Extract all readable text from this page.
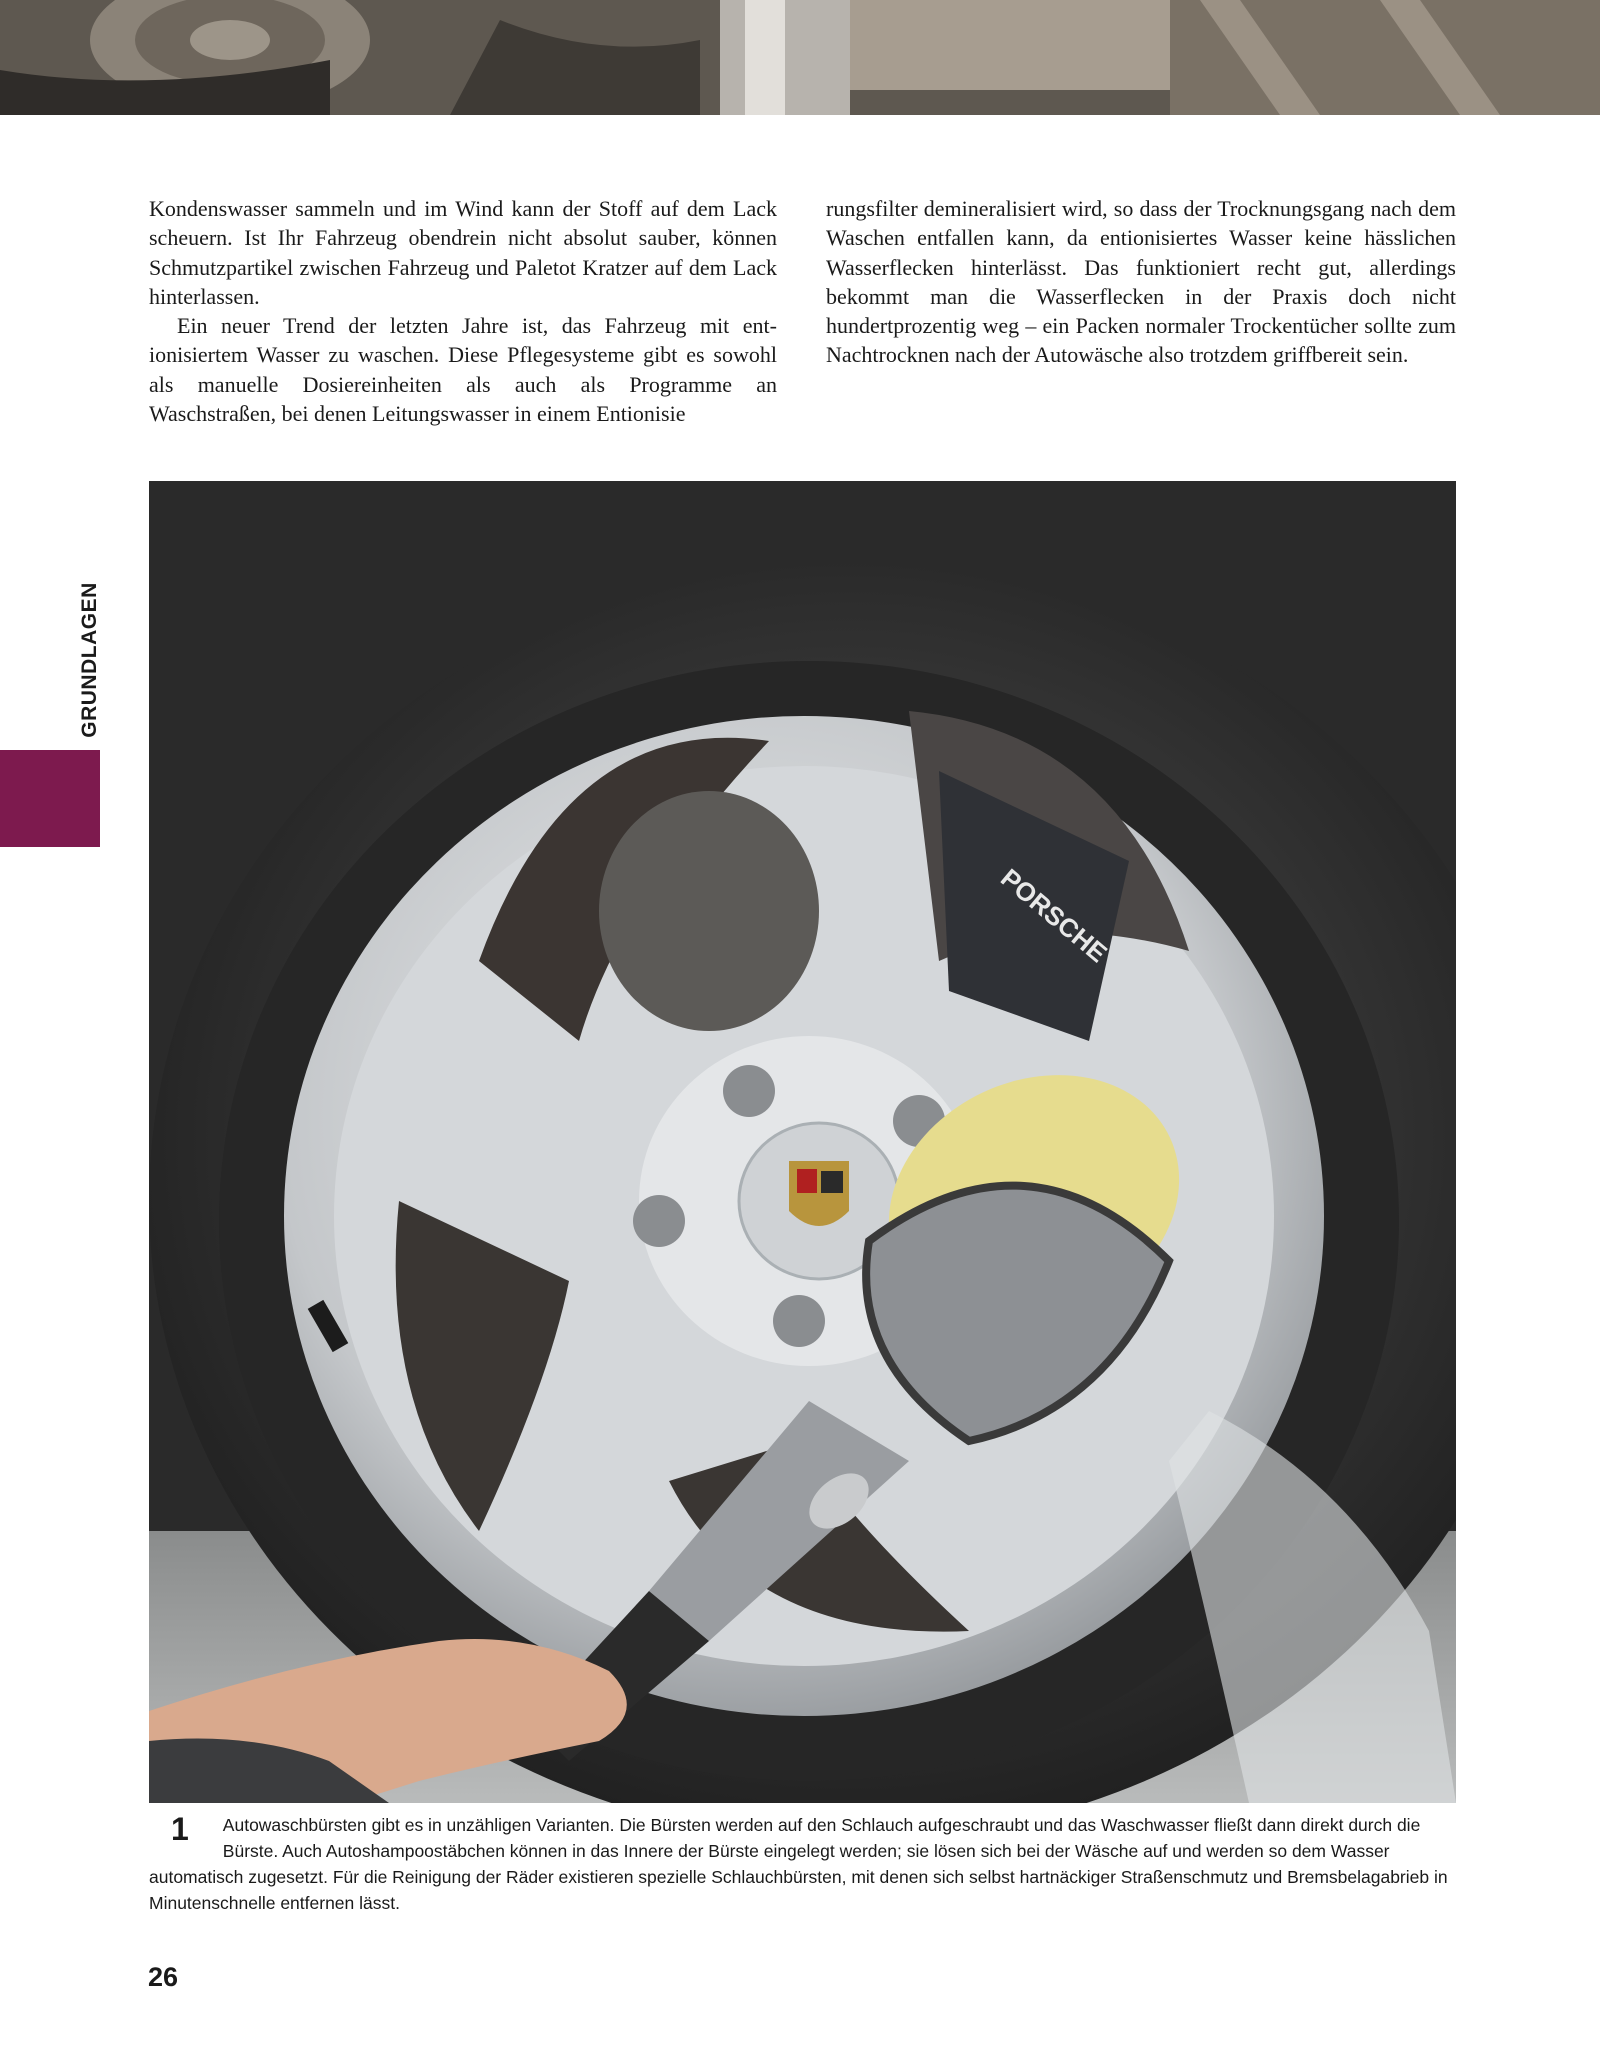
GRUNDLAGEN

Kondenswasser sammeln und im Wind kann der Stoff auf dem Lack scheuern. Ist Ihr Fahrzeug obendrein nicht absolut sauber, können Schmutzpartikel zwischen Fahrzeug und Paletot Kratzer auf dem Lack hinterlassen.

Ein neuer Trend der letzten Jahre ist, das Fahrzeug mit entionisiertem Wasser zu waschen. Diese Pflegesysteme gibt es sowohl als manuelle Dosiereinheiten als auch als Programme an Waschstraßen, bei denen Leitungswasser in einem Entionisie

rungsfilter demineralisiert wird, so dass der Trocknungsgang nach dem Waschen entfallen kann, da entionisiertes Wasser keine hässlichen Wasserflecken hinterlässt. Das funktioniert recht gut, allerdings bekommt man die Wasserflecken in der Praxis doch nicht hundertprozentig weg – ein Packen normaler Trockentücher sollte zum Nachtrocknen nach der Autowäsche also trotzdem griffbereit sein.

PORSCHE
1 Autowaschbürsten gibt es in unzähligen Varianten. Die Bürsten werden auf den Schlauch aufgeschraubt und das Waschwasser fließt dann direkt durch die Bürste. Auch Autoshampoostäbchen können in das Innere der Bürste eingelegt werden; sie lösen sich bei der Wäsche auf und werden so dem Wasser automatisch zugesetzt. Für die Reinigung der Räder existieren spezielle Schlauchbürsten, mit denen sich selbst hartnäckiger Straßenschmutz und Bremsbelagabrieb in Minutenschnelle entfernen lässt.
26
